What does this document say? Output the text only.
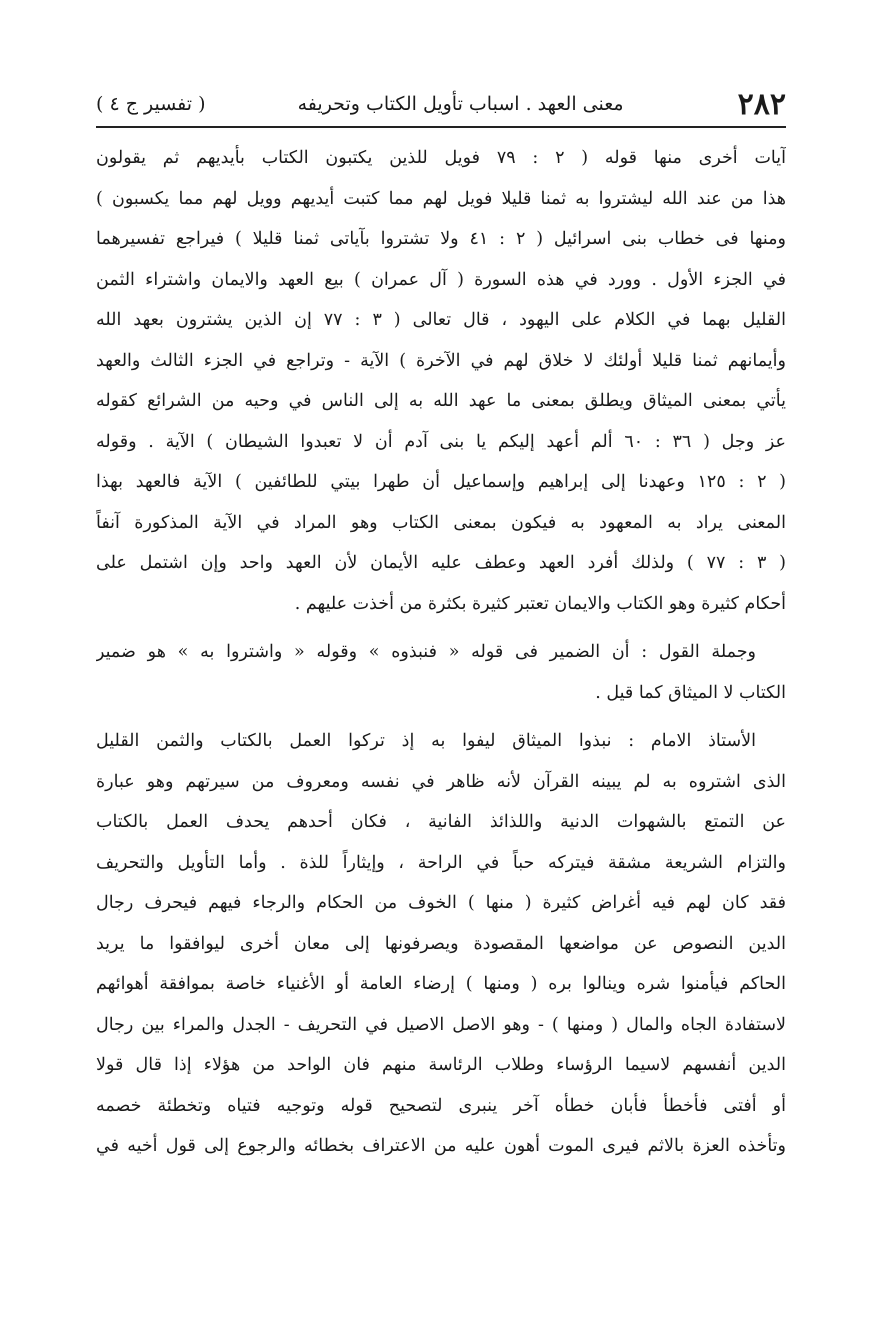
٢٨٢
معنى العهد . اسباب تأويل الكتاب وتحريفه
( تفسير ج ٤ )
آيات أخرى منها قوله ( ٢ : ٧٩ فويل للذين يكتبون الكتاب بأيديهم ثم يقولون
هذا من عند الله ليشتروا به ثمنا قليلا فويل لهم مما كتبت أيديهم وويل لهم مما يكسبون )
ومنها فى خطاب بنى اسرائيل ( ٢ : ٤١ ولا تشتروا بآياتى ثمنا قليلا ) فيراجع تفسيرهما
في الجزء الأول . وورد في هذه السورة ( آل عمران ) بيع العهد والايمان واشتراء الثمن
القليل بهما في الكلام على اليهود ، قال تعالى ( ٣ : ٧٧ إن الذين يشترون بعهد الله
وأيمانهم ثمنا قليلا أولئك لا خلاق لهم في الآخرة ) الآية - وتراجع في الجزء الثالث والعهد
يأتي بمعنى الميثاق ويطلق بمعنى ما عهد الله به إلى الناس في وحيه من الشرائع كقوله
عز وجل ( ٣٦ : ٦٠ ألم أعهد إليكم يا بنى آدم أن لا تعبدوا الشيطان ) الآية . وقوله
( ٢ : ١٢٥ وعهدنا إلى إبراهيم وإسماعيل أن طهرا بيتي للطائفين ) الآية فالعهد بهذا
المعنى يراد به المعهود به فيكون بمعنى الكتاب وهو المراد في الآية المذكورة آنفاً
( ٣ : ٧٧ ) ولذلك أفرد العهد وعطف عليه الأيمان لأن العهد واحد وإن اشتمل على
أحكام كثيرة وهو الكتاب والايمان تعتبر كثيرة بكثرة من أخذت عليهم .
وجملة القول : أن الضمير فى قوله « فنبذوه » وقوله « واشتروا به » هو ضمير
الكتاب لا الميثاق كما قيل .
الأستاذ الامام : نبذوا الميثاق ليفوا به إذ تركوا العمل بالكتاب والثمن القليل
الذى اشتروه به لم يبينه القرآن لأنه ظاهر في نفسه ومعروف من سيرتهم وهو عبارة
عن التمتع بالشهوات الدنية واللذائذ الفانية ، فكان أحدهم يحدف العمل بالكتاب
والتزام الشريعة مشقة فيتركه حباً في الراحة ، وإيثاراً للذة . وأما التأويل والتحريف
فقد كان لهم فيه أغراض كثيرة ( منها ) الخوف من الحكام والرجاء فيهم فيحرف رجال
الدين النصوص عن مواضعها المقصودة ويصرفونها إلى معان أخرى ليوافقوا ما يريد
الحاكم فيأمنوا شره وينالوا بره ( ومنها ) إرضاء العامة أو الأغنياء خاصة بموافقة أهوائهم
لاستفادة الجاه والمال ( ومنها ) - وهو الاصل الاصيل في التحريف - الجدل والمراء بين رجال
الدين أنفسهم لاسيما الرؤساء وطلاب الرئاسة منهم فان الواحد من هؤلاء إذا قال قولا
أو أفتى فأخطأ فأبان خطأه آخر ينبرى لتصحيح قوله وتوجيه فتياه وتخطئة خصمه
وتأخذه العزة بالاثم فيرى الموت أهون عليه من الاعتراف بخطائه والرجوع إلى قول أخيه في
